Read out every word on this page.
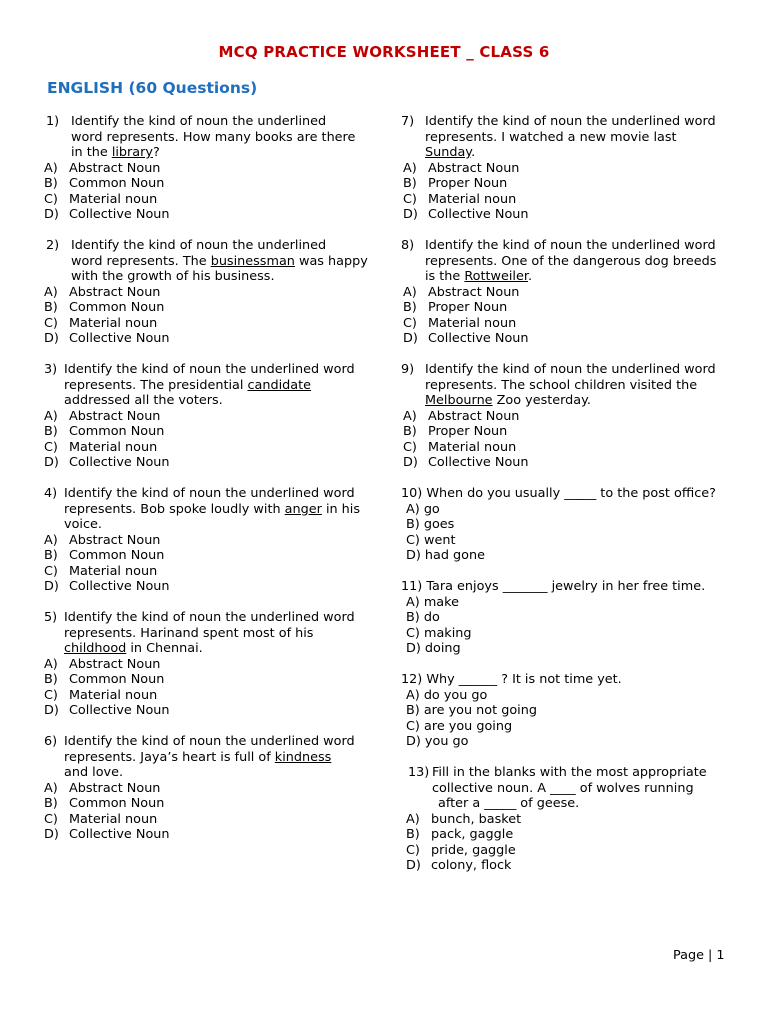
MCQ PRACTICE WORKSHEET _ CLASS 6
ENGLISH (60 Questions)
1) Identify the kind of noun the underlined
word represents. How many books are there
in the library?
A) Abstract Noun
B) Common Noun
C) Material noun
D) Collective Noun
2) Identify the kind of noun the underlined
word represents. The businessman was happy
with the growth of his business.
A) Abstract Noun
B) Common Noun
C) Material noun
D) Collective Noun
3) Identify the kind of noun the underlined word
represents. The presidential candidate
addressed all the voters.
A) Abstract Noun
B) Common Noun
C) Material noun
D) Collective Noun
4) Identify the kind of noun the underlined word
represents. Bob spoke loudly with anger in his
voice.
A) Abstract Noun
B) Common Noun
C) Material noun
D) Collective Noun
5) Identify the kind of noun the underlined word
represents. Harinand spent most of his
childhood in Chennai.
A) Abstract Noun
B) Common Noun
C) Material noun
D) Collective Noun
6) Identify the kind of noun the underlined word
represents. Jaya’s heart is full of kindness
and love.
A) Abstract Noun
B) Common Noun
C) Material noun
D) Collective Noun
7) Identify the kind of noun the underlined word
represents. I watched a new movie last
Sunday.
A) Abstract Noun
B) Proper Noun
C) Material noun
D) Collective Noun
8) Identify the kind of noun the underlined word
represents. One of the dangerous dog breeds
is the Rottweiler.
A) Abstract Noun
B) Proper Noun
C) Material noun
D) Collective Noun
9) Identify the kind of noun the underlined word
represents. The school children visited the
Melbourne Zoo yesterday.
A) Abstract Noun
B) Proper Noun
C) Material noun
D) Collective Noun
10) When do you usually _____ to the post office?
A) go
B) goes
C) went
D) had gone
11) Tara enjoys _______ jewelry in her free time.
A) make
B) do
C) making
D) doing
12) Why ______ ? It is not time yet.
A) do you go
B) are you not going
C) are you going
D) you go
13) Fill in the blanks with the most appropriate
collective noun. A ____ of wolves running
after a _____ of geese.
A) bunch, basket
B) pack, gaggle
C) pride, gaggle
D) colony, flock
Page | 1
